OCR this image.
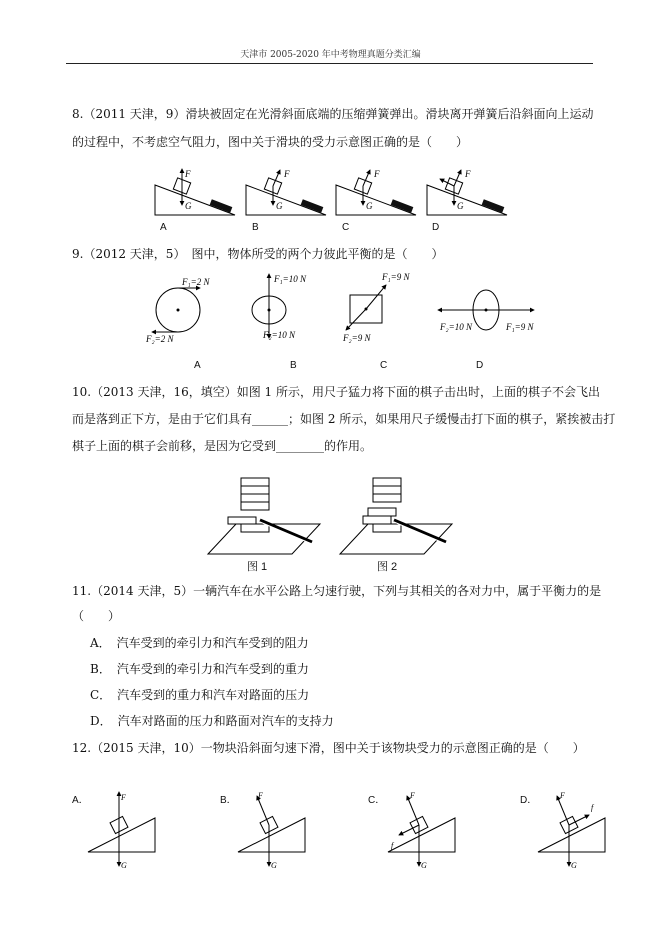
天津市 2005-2020 年中考物理真题分类汇编
8.（2011 天津，9）滑块被固定在光滑斜面底端的压缩弹簧弹出。滑块离开弹簧后沿斜面向上运动
的过程中，不考虑空气阻力，图中关于滑块的受力示意图正确的是（　　）
F
G
F
G
F
G
F
G
A	B	C	D
9.（2012 天津，5）　图中，物体所受的两个力彼此平衡的是（　　）
F₁=2 N
F₂=2 N
F₁=10 N
F₂=10 N
F₁=9 N
F₂=9 N
F₁=9 N
F₂=10 N
A	B	C	D
10.（2013 天津，16，填空）如图 1 所示，用尺子猛力将下面的棋子击出时，上面的棋子不会飞出
而是落到正下方，是由于它们具有______；如图 2 所示，如果用尺子缓慢击打下面的棋子，紧挨被击打
棋子上面的棋子会前移，是因为它受到________的作用。
图 1	图 2
11.（2014 天津，5）一辆汽车在水平公路上匀速行驶，下列与其相关的各对力中，属于平衡力的是
（　　）
A．　汽车受到的牵引力和汽车受到的阻力
B．　汽车受到的牵引力和汽车受到的重力
C．　汽车受到的重力和汽车对路面的压力
D．　汽车对路面的压力和路面对汽车的支持力
12.（2015 天津，10）一物块沿斜面匀速下滑，图中关于该物块受力的示意图正确的是（　　）
A．	B．	C．	D．
F
G
F
G
F
f
G
F
f
G
